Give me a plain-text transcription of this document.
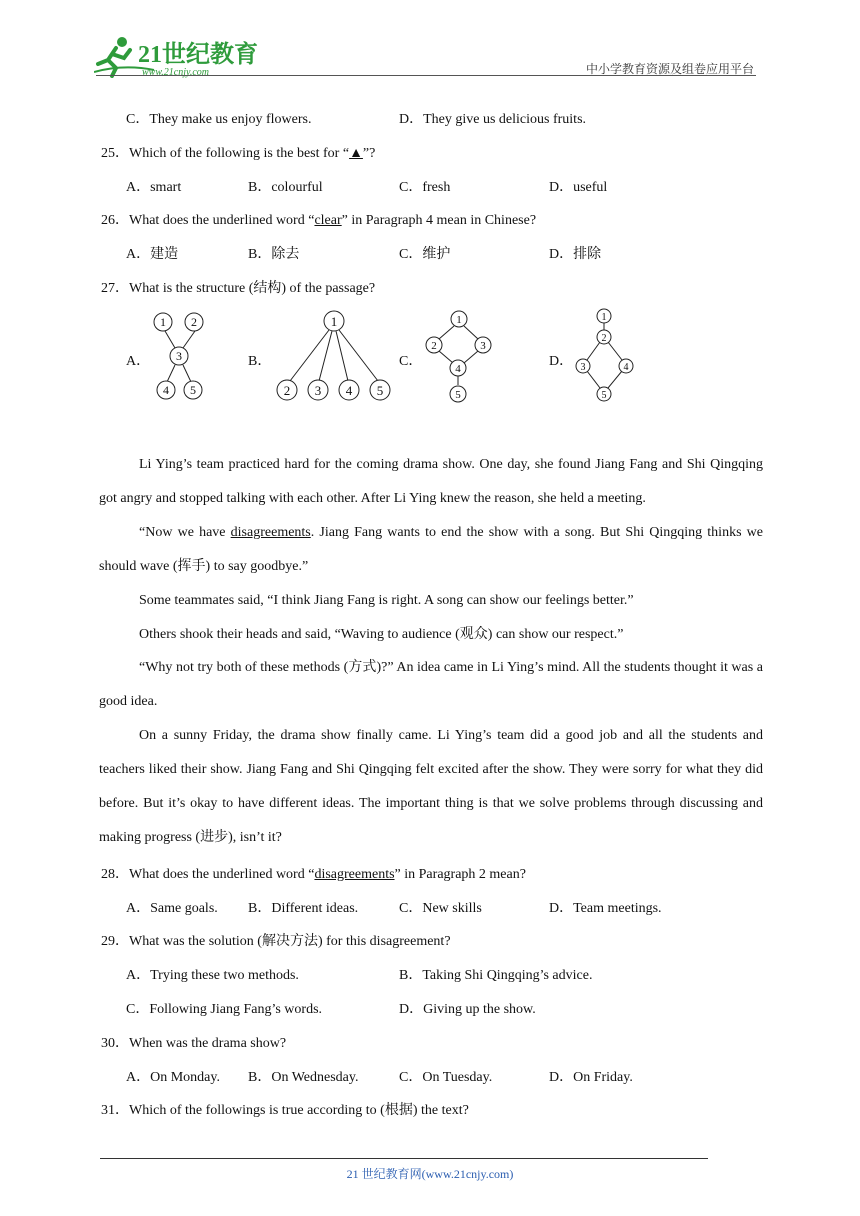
21世纪教育
www.21cnjy.com	中小学教育资源及组卷应用平台
C．They make us enjoy flowers.	D．They give us delicious fruits.
25．Which of the following is the best for “▲”?
A．smart	B．colourful	C．fresh	D．useful
26．What does the underlined word “clear” in Paragraph 4 mean in Chinese?
A．建造	B．除去	C．维护	D．排除
27．What is the structure (结构) of the passage?
A．	B．	C．	D．
1 2
3
4 5
1
2 3 4 5
1
2	3
4
5
1
2
3	4
5
Li Ying’s team practiced hard for the coming drama show. One day, she found Jiang Fang and Shi Qingqing got angry and stopped talking with each other. After Li Ying knew the reason, she held a meeting.
“Now we have disagreements. Jiang Fang wants to end the show with a song. But Shi Qingqing thinks we should wave (挥手) to say goodbye.”
Some teammates said, “I think Jiang Fang is right. A song can show our feelings better.”
Others shook their heads and said, “Waving to audience (观众) can show our respect.”
“Why not try both of these methods (方式)?” An idea came in Li Ying’s mind. All the students thought it was a good idea.
On a sunny Friday, the drama show finally came. Li Ying’s team did a good job and all the students and teachers liked their show. Jiang Fang and Shi Qingqing felt excited after the show. They were sorry for what they did before. But it’s okay to have different ideas. The important thing is that we solve problems through discussing and making progress (进步), isn’t it?
28．What does the underlined word “disagreements” in Paragraph 2 mean?
A．Same goals. B．Different ideas.	C．New skills	D．Team meetings.
29．What was the solution (解决方法) for this disagreement?
A．Trying these two methods.	B．Taking Shi Qingqing’s advice.
C．Following Jiang Fang’s words.	D．Giving up the show.
30．When was the drama show?
A．On Monday. B．On Wednesday.	C．On Tuesday.	D．On Friday.
31．Which of the followings is true according to (根据) the text?
21 世纪教育网(www.21cnjy.com)
